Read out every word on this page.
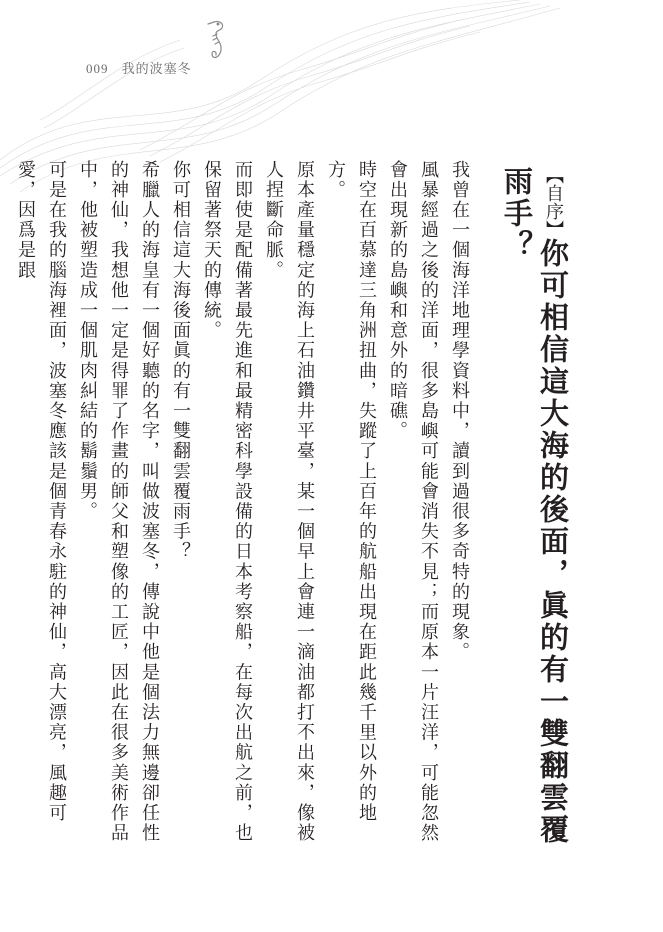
009 我的波塞冬
【自序】你可相信這大海的後面，眞的有一雙翻雲覆雨手？

我曾在一個海洋地理學資料中，讀到過很多奇特的現象。

風暴經過之後的洋面，很多島嶼可能會消失不見；而原本一片汪洋，可能忽然會出現新的島嶼和意外的暗礁。

時空在百慕達三角洲扭曲，失蹤了上百年的航船出現在距此幾千里以外的地方。

原本產量穩定的海上石油鑽井平臺，某一個早上會連一滴油都打不出來，像被人捏斷命脈。

而即使是配備著最先進和最精密科學設備的日本考察船，在每次出航之前，也保留著祭天的傳統。

你可相信這大海後面眞的有一雙翻雲覆雨手？

希臘人的海皇有一個好聽的名字，叫做波塞冬，傳說中他是個法力無邊卻任性的神仙，我想他一定是得罪了作畫的師父和塑像的工匠，因此在很多美術作品中，他被塑造成一個肌肉糾結的鬍鬚男。

可是在我的腦海裡面，波塞冬應該是個青春永駐的神仙，高大漂亮，風趣可愛，因爲是跟
